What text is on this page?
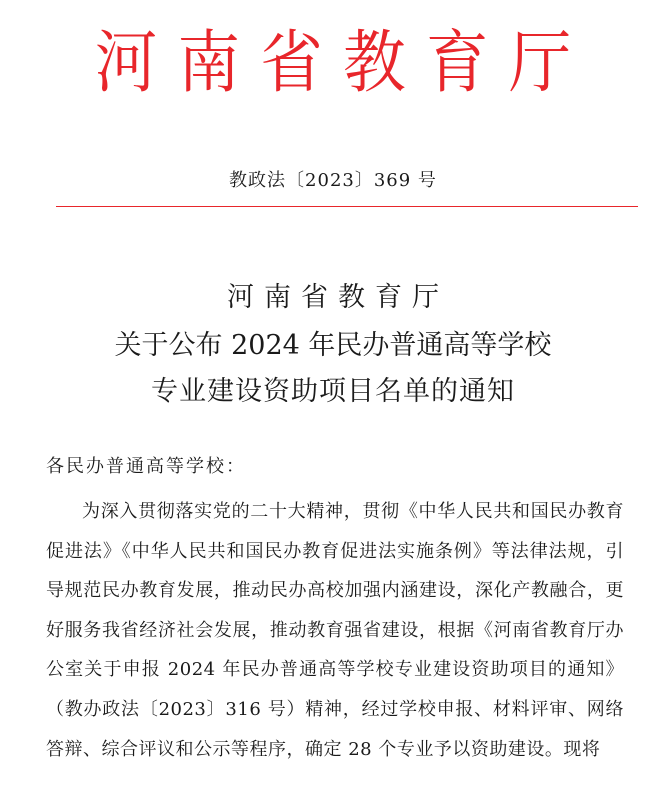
河南省教育厅
教政法〔2023〕369 号
河南省教育厅
关于公布 2024 年民办普通高等学校
专业建设资助项目名单的通知
各民办普通高等学校：

为深入贯彻落实党的二十大精神，贯彻《中华人民共和国民办教育促进法》《中华人民共和国民办教育促进法实施条例》等法律法规，引导规范民办教育发展，推动民办高校加强内涵建设，深化产教融合，更好服务我省经济社会发展，推动教育强省建设，根据《河南省教育厅办公室关于申报 2024 年民办普通高等学校专业建设资助项目的通知》（教办政法〔2023〕316 号）精神，经过学校申报、材料评审、网络答辩、综合评议和公示等程序，确定 28 个专业予以资助建设。现将
